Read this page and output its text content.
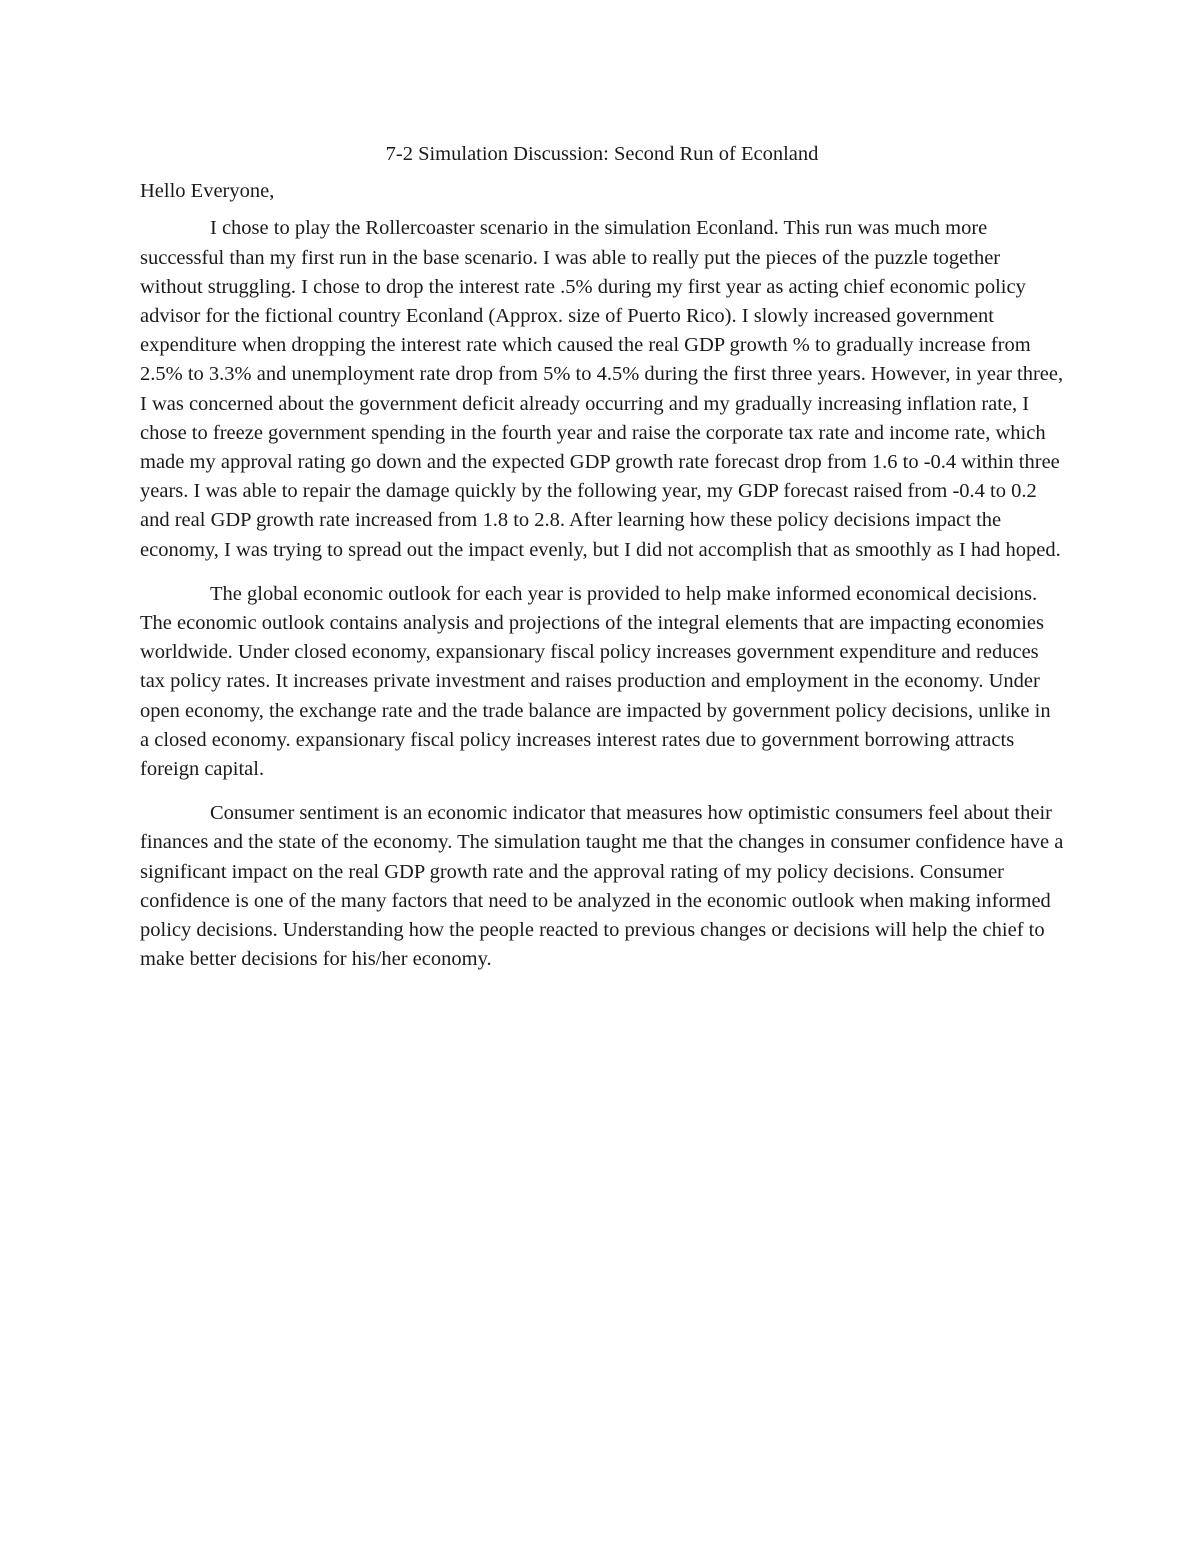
7-2 Simulation Discussion: Second Run of Econland

Hello Everyone,

I chose to play the Rollercoaster scenario in the simulation Econland. This run was much more successful than my first run in the base scenario. I was able to really put the pieces of the puzzle together without struggling. I chose to drop the interest rate .5% during my first year as acting chief economic policy advisor for the fictional country Econland (Approx. size of Puerto Rico). I slowly increased government expenditure when dropping the interest rate which caused the real GDP growth % to gradually increase from 2.5% to 3.3% and unemployment rate drop from 5% to 4.5% during the first three years. However, in year three, I was concerned about the government deficit already occurring and my gradually increasing inflation rate, I chose to freeze government spending in the fourth year and raise the corporate tax rate and income rate, which made my approval rating go down and the expected GDP growth rate forecast drop from 1.6 to -0.4 within three years. I was able to repair the damage quickly by the following year, my GDP forecast raised from -0.4 to 0.2 and real GDP growth rate increased from 1.8 to 2.8. After learning how these policy decisions impact the economy, I was trying to spread out the impact evenly, but I did not accomplish that as smoothly as I had hoped.

The global economic outlook for each year is provided to help make informed economical decisions. The economic outlook contains analysis and projections of the integral elements that are impacting economies worldwide. Under closed economy, expansionary fiscal policy increases government expenditure and reduces tax policy rates. It increases private investment and raises production and employment in the economy. Under open economy, the exchange rate and the trade balance are impacted by government policy decisions, unlike in a closed economy. expansionary fiscal policy increases interest rates due to government borrowing attracts foreign capital.

Consumer sentiment is an economic indicator that measures how optimistic consumers feel about their finances and the state of the economy. The simulation taught me that the changes in consumer confidence have a significant impact on the real GDP growth rate and the approval rating of my policy decisions. Consumer confidence is one of the many factors that need to be analyzed in the economic outlook when making informed policy decisions. Understanding how the people reacted to previous changes or decisions will help the chief to make better decisions for his/her economy.
